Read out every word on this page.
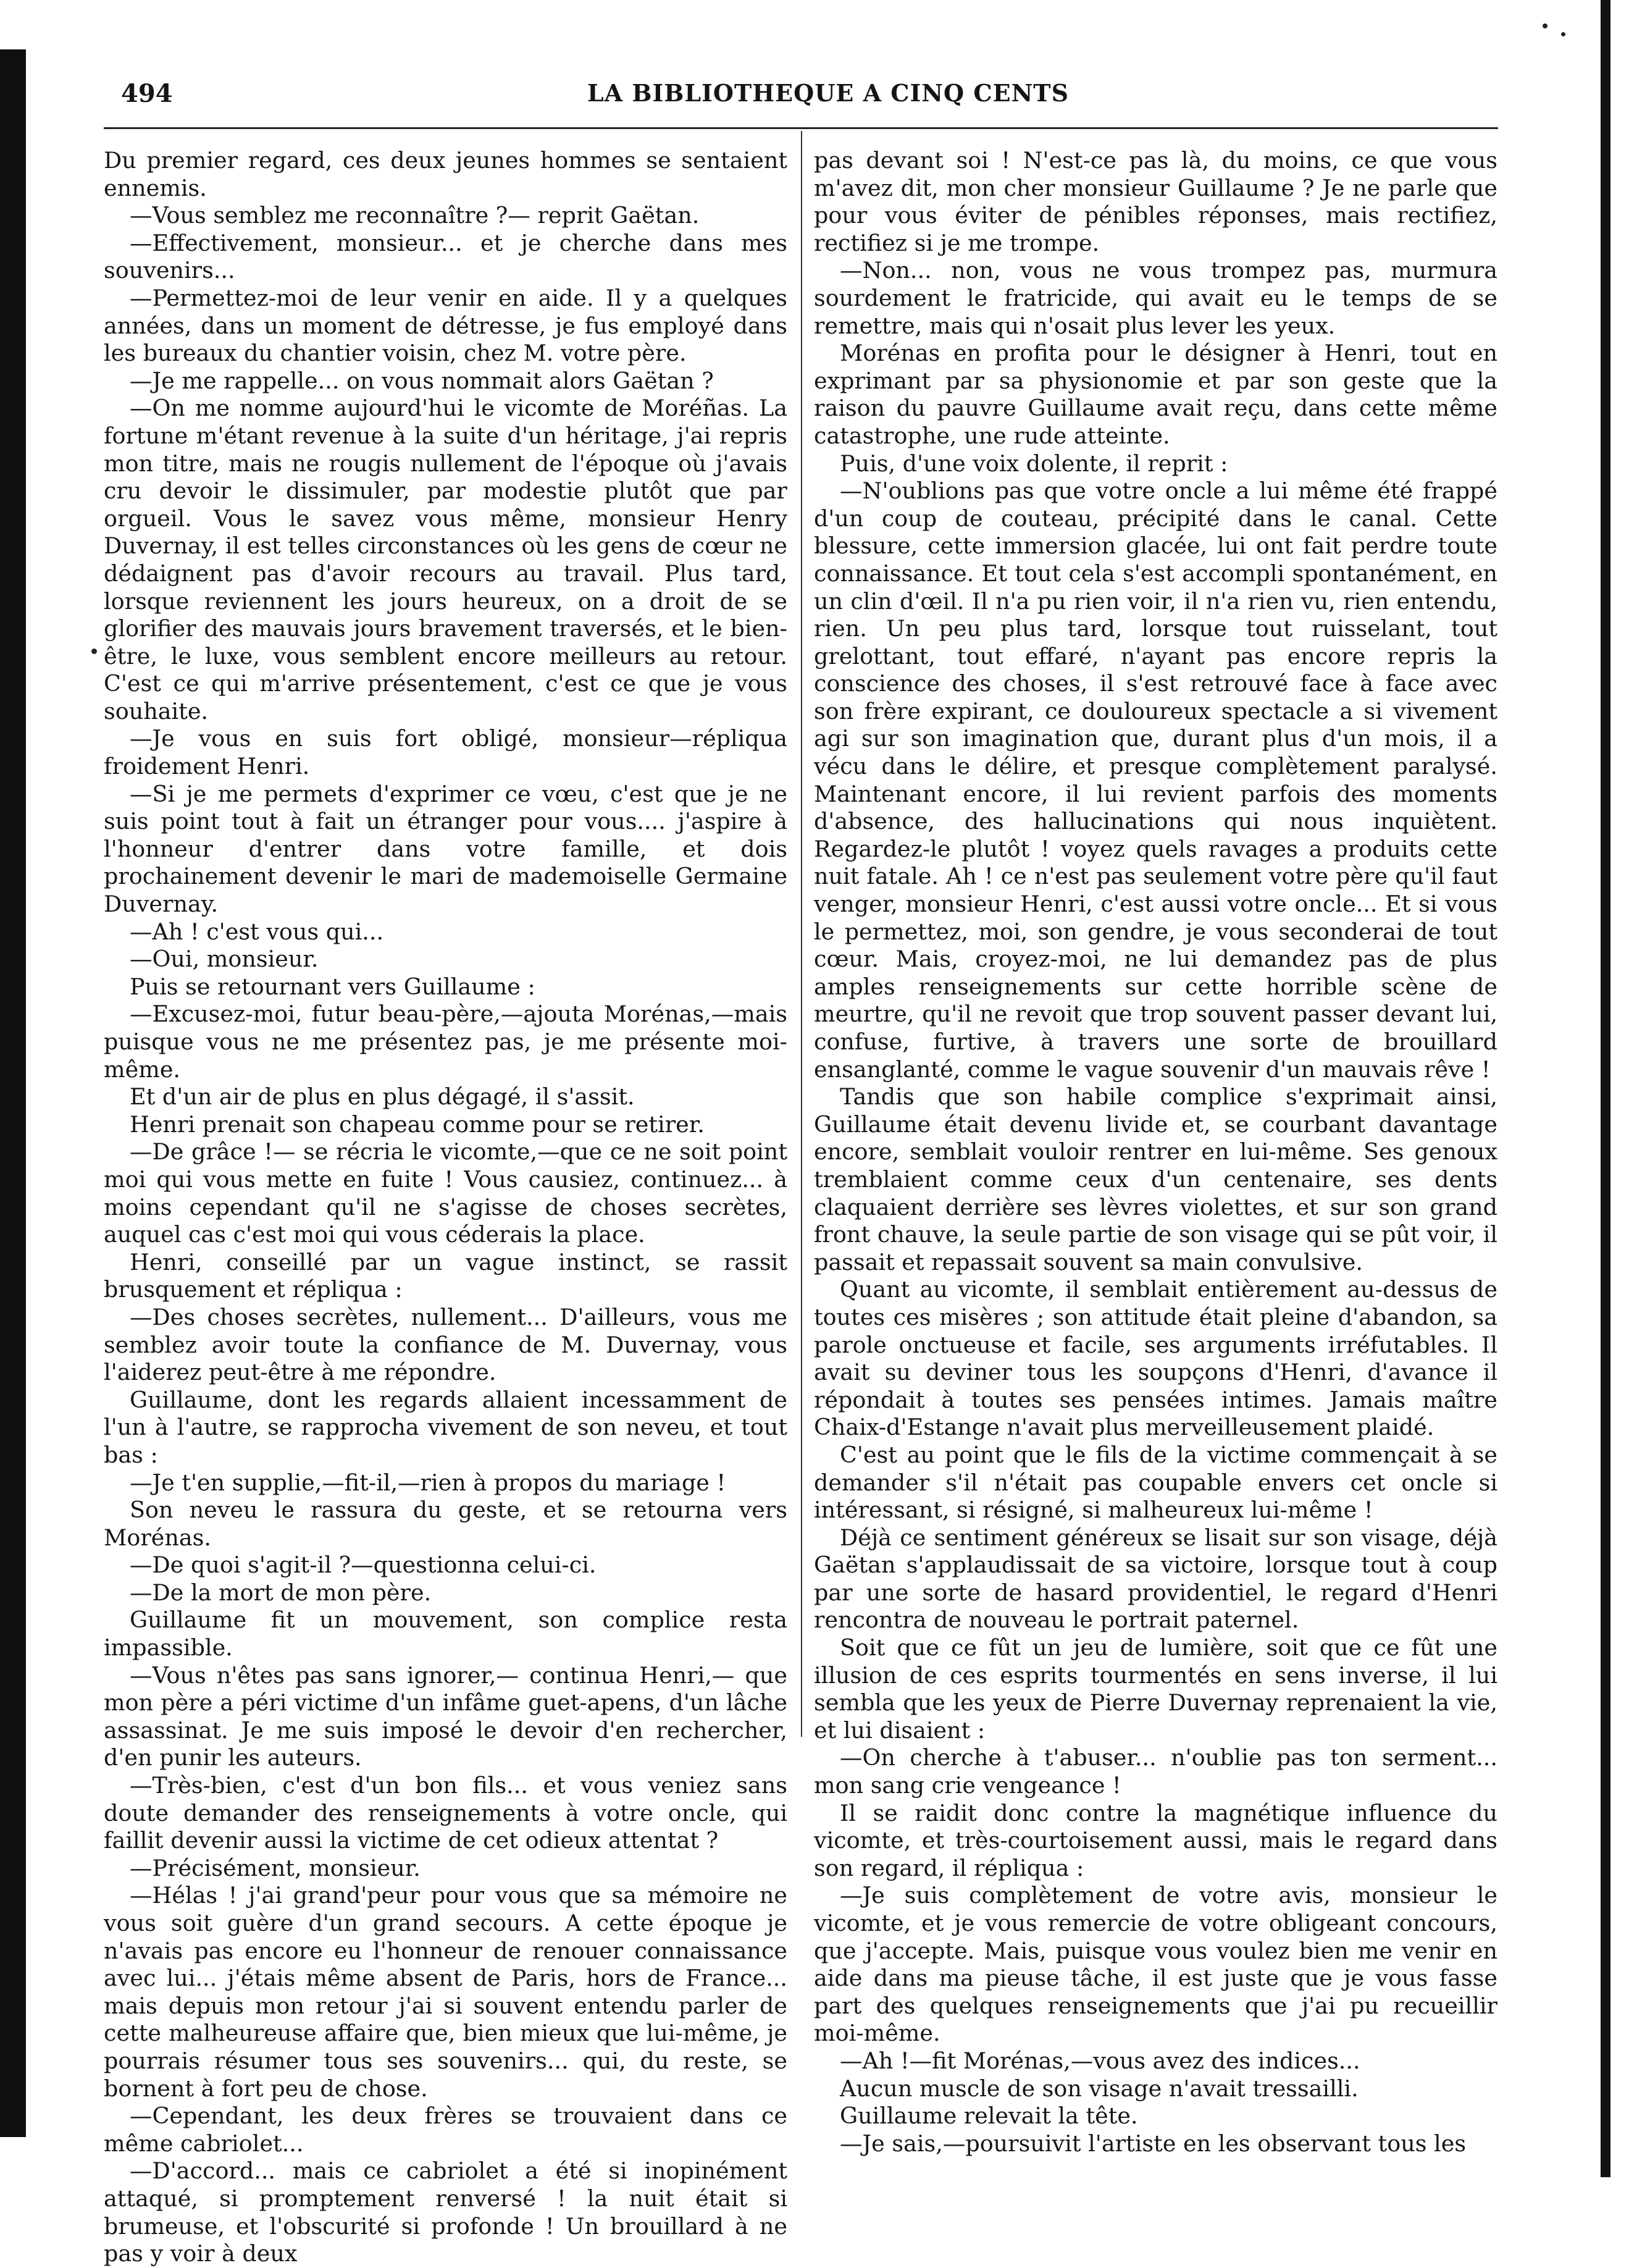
494	LA BIBLIOTHEQUE A CINQ CENTS

Du premier regard, ces deux jeunes hommes se sentaient ennemis.

—Vous semblez me reconnaître ?— reprit Gaëtan.

—Effectivement, monsieur... et je cherche dans mes souvenirs...

—Permettez-moi de leur venir en aide. Il y a quelques années, dans un moment de détresse, je fus employé dans les bureaux du chantier voisin, chez M. votre père.

—Je me rappelle... on vous nommait alors Gaëtan ?

—On me nomme aujourd'hui le vicomte de Moréñas. La fortune m'étant revenue à la suite d'un héritage, j'ai repris mon titre, mais ne rougis nullement de l'époque où j'avais cru devoir le dissimuler, par modestie plutôt que par orgueil. Vous le savez vous même, monsieur Henry Duvernay, il est telles circonstances où les gens de cœur ne dédaignent pas d'avoir recours au travail. Plus tard, lorsque reviennent les jours heureux, on a droit de se glorifier des mauvais jours bravement traversés, et le bien-être, le luxe, vous semblent encore meilleurs au retour. C'est ce qui m'arrive présentement, c'est ce que je vous souhaite.

—Je vous en suis fort obligé, monsieur—répliqua froidement Henri.

—Si je me permets d'exprimer ce vœu, c'est que je ne suis point tout à fait un étranger pour vous.... j'aspire à l'honneur d'entrer dans votre famille, et dois prochainement devenir le mari de mademoiselle Germaine Duvernay.

—Ah ! c'est vous qui...

—Oui, monsieur.

Puis se retournant vers Guillaume :

—Excusez-moi, futur beau-père,—ajouta Morénas,—mais puisque vous ne me présentez pas, je me présente moi-même.

Et d'un air de plus en plus dégagé, il s'assit.

Henri prenait son chapeau comme pour se retirer.

—De grâce !— se récria le vicomte,—que ce ne soit point moi qui vous mette en fuite ! Vous causiez, continuez... à moins cependant qu'il ne s'agisse de choses secrètes, auquel cas c'est moi qui vous céderais la place.

Henri, conseillé par un vague instinct, se rassit brusquement et répliqua :

—Des choses secrètes, nullement... D'ailleurs, vous me semblez avoir toute la confiance de M. Duvernay, vous l'aiderez peut-être à me répondre.

Guillaume, dont les regards allaient incessamment de l'un à l'autre, se rapprocha vivement de son neveu, et tout bas :

—Je t'en supplie,—fit-il,—rien à propos du mariage !

Son neveu le rassura du geste, et se retourna vers Morénas.

—De quoi s'agit-il ?—questionna celui-ci.

—De la mort de mon père.

Guillaume fit un mouvement, son complice resta impassible.

—Vous n'êtes pas sans ignorer,— continua Henri,— que mon père a péri victime d'un infâme guet-apens, d'un lâche assassinat. Je me suis imposé le devoir d'en rechercher, d'en punir les auteurs.

—Très-bien, c'est d'un bon fils... et vous veniez sans doute demander des renseignements à votre oncle, qui faillit devenir aussi la victime de cet odieux attentat ?

—Précisément, monsieur.

—Hélas ! j'ai grand'peur pour vous que sa mémoire ne vous soit guère d'un grand secours. A cette époque je n'avais pas encore eu l'honneur de renouer connaissance avec lui... j'étais même absent de Paris, hors de France... mais depuis mon retour j'ai si souvent entendu parler de cette malheureuse affaire que, bien mieux que lui-même, je pourrais résumer tous ses souvenirs... qui, du reste, se bornent à fort peu de chose.

—Cependant, les deux frères se trouvaient dans ce même cabriolet...

—D'accord... mais ce cabriolet a été si inopinément attaqué, si promptement renversé ! la nuit était si brumeuse, et l'obscurité si profonde ! Un brouillard à ne pas y voir à deux

pas devant soi ! N'est-ce pas là, du moins, ce que vous m'avez dit, mon cher monsieur Guillaume ? Je ne parle que pour vous éviter de pénibles réponses, mais rectifiez, rectifiez si je me trompe.

—Non... non, vous ne vous trompez pas, murmura sourdement le fratricide, qui avait eu le temps de se remettre, mais qui n'osait plus lever les yeux.

Morénas en profita pour le désigner à Henri, tout en exprimant par sa physionomie et par son geste que la raison du pauvre Guillaume avait reçu, dans cette même catastrophe, une rude atteinte.

Puis, d'une voix dolente, il reprit :

—N'oublions pas que votre oncle a lui même été frappé d'un coup de couteau, précipité dans le canal. Cette blessure, cette immersion glacée, lui ont fait perdre toute connaissance. Et tout cela s'est accompli spontanément, en un clin d'œil. Il n'a pu rien voir, il n'a rien vu, rien entendu, rien. Un peu plus tard, lorsque tout ruisselant, tout grelottant, tout effaré, n'ayant pas encore repris la conscience des choses, il s'est retrouvé face à face avec son frère expirant, ce douloureux spectacle a si vivement agi sur son imagination que, durant plus d'un mois, il a vécu dans le délire, et presque complètement paralysé. Maintenant encore, il lui revient parfois des moments d'absence, des hallucinations qui nous inquiètent. Regardez-le plutôt ! voyez quels ravages a produits cette nuit fatale. Ah ! ce n'est pas seulement votre père qu'il faut venger, monsieur Henri, c'est aussi votre oncle... Et si vous le permettez, moi, son gendre, je vous seconderai de tout cœur. Mais, croyez-moi, ne lui demandez pas de plus amples renseignements sur cette horrible scène de meurtre, qu'il ne revoit que trop souvent passer devant lui, confuse, furtive, à travers une sorte de brouillard ensanglanté, comme le vague souvenir d'un mauvais rêve !

Tandis que son habile complice s'exprimait ainsi, Guillaume était devenu livide et, se courbant davantage encore, semblait vouloir rentrer en lui-même. Ses genoux tremblaient comme ceux d'un centenaire, ses dents claquaient derrière ses lèvres violettes, et sur son grand front chauve, la seule partie de son visage qui se pût voir, il passait et repassait souvent sa main convulsive.

Quant au vicomte, il semblait entièrement au-dessus de toutes ces misères ; son attitude était pleine d'abandon, sa parole onctueuse et facile, ses arguments irréfutables. Il avait su deviner tous les soupçons d'Henri, d'avance il répondait à toutes ses pensées intimes. Jamais maître Chaix-d'Estange n'avait plus merveilleusement plaidé.

C'est au point que le fils de la victime commençait à se demander s'il n'était pas coupable envers cet oncle si intéressant, si résigné, si malheureux lui-même !

Déjà ce sentiment généreux se lisait sur son visage, déjà Gaëtan s'applaudissait de sa victoire, lorsque tout à coup par une sorte de hasard providentiel, le regard d'Henri rencontra de nouveau le portrait paternel.

Soit que ce fût un jeu de lumière, soit que ce fût une illusion de ces esprits tourmentés en sens inverse, il lui sembla que les yeux de Pierre Duvernay reprenaient la vie, et lui disaient :

—On cherche à t'abuser... n'oublie pas ton serment... mon sang crie vengeance !

Il se raidit donc contre la magnétique influence du vicomte, et très-courtoisement aussi, mais le regard dans son regard, il répliqua :

—Je suis complètement de votre avis, monsieur le vicomte, et je vous remercie de votre obligeant concours, que j'accepte. Mais, puisque vous voulez bien me venir en aide dans ma pieuse tâche, il est juste que je vous fasse part des quelques renseignements que j'ai pu recueillir moi-même.

—Ah !—fit Morénas,—vous avez des indices...

Aucun muscle de son visage n'avait tressailli.

Guillaume relevait la tête.

—Je sais,—poursuivit l'artiste en les observant tous les
